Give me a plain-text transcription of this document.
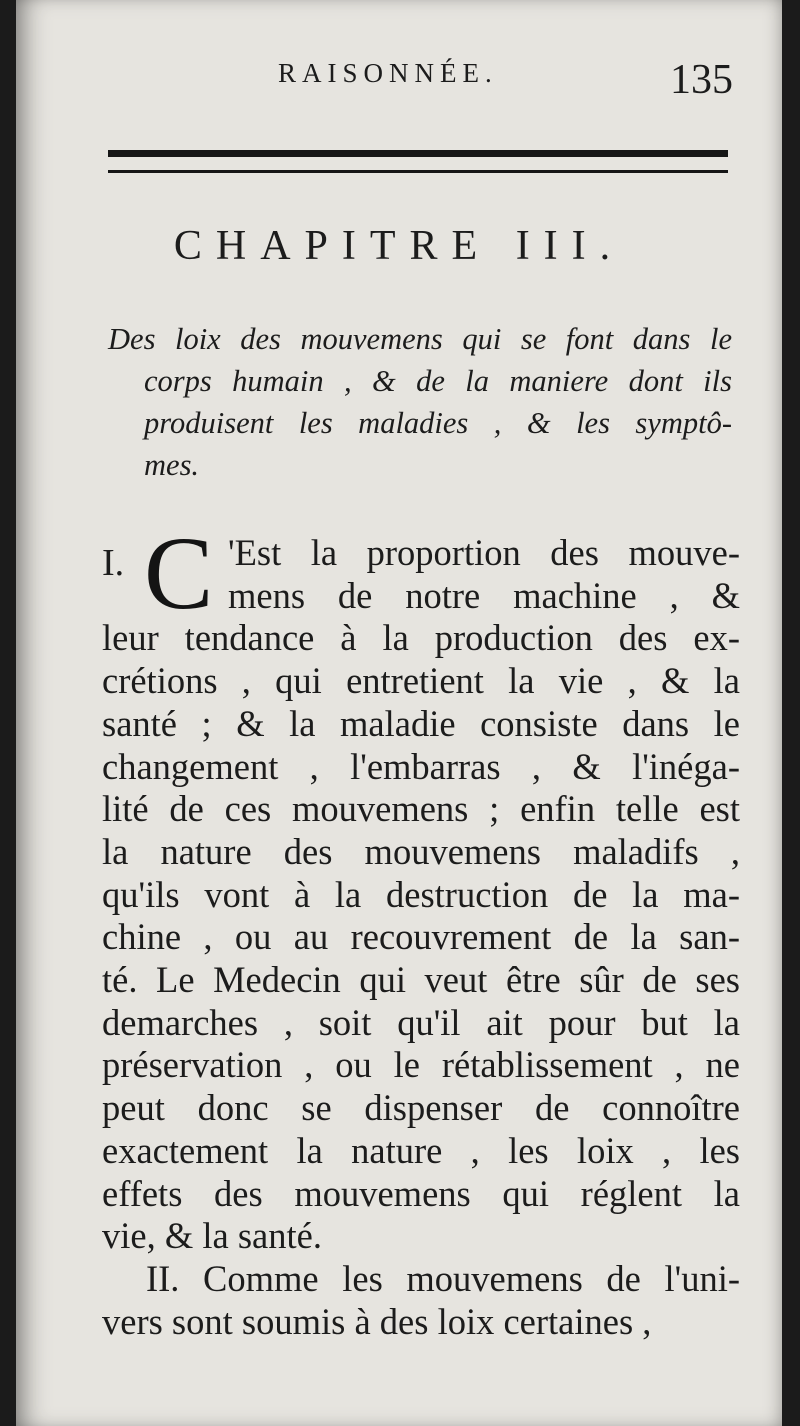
RAISONNÉE.	135
CHAPITRE III.
Des loix des mouvemens qui se font dans le
corps humain , & de la maniere dont ils
produisent les maladies , & les symptô-
mes.
I. C 'Est la proportion des mouve-
mens de notre machine , &
leur tendance à la production des ex-
crétions , qui entretient la vie , & la
santé ; & la maladie consiste dans le
changement , l'embarras , & l'inéga-
lité de ces mouvemens ; enfin telle est
la nature des mouvemens maladifs ,
qu'ils vont à la destruction de la ma-
chine , ou au recouvrement de la san-
té. Le Medecin qui veut être sûr de ses
demarches , soit qu'il ait pour but la
préservation , ou le rétablissement , ne
peut donc se dispenser de connoître
exactement la nature , les loix , les
effets des mouvemens qui réglent la
vie, & la santé.
II. Comme les mouvemens de l'uni-
vers sont soumis à des loix certaines ,
